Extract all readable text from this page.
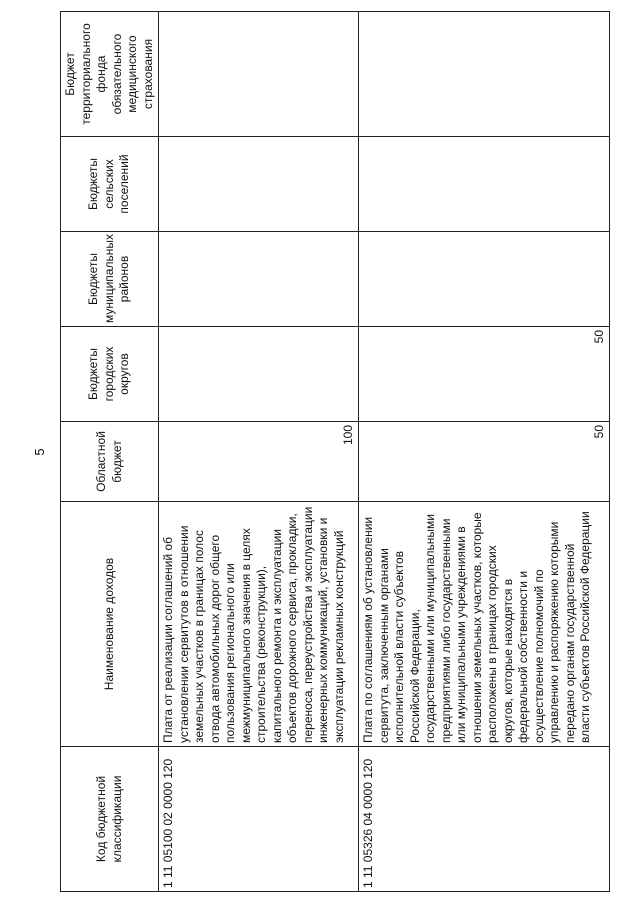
5
Код бюджетной классификации	Наименование доходов	Областной бюджет	Бюджеты городских округов	Бюджеты муниципальных районов	Бюджеты сельских поселений	Бюджет территориального фонда обязательного медицинского страхования
1 11 05100 02 0000 120	Плата от реализации соглашений об установлении сервитутов в отношении земельных участков в границах полос отвода автомобильных дорог общего пользования регионального или межмуниципального значения в целях строительства (реконструкции), капитального ремонта и эксплуатации объектов дорожного сервиса, прокладки, переноса, переустройства и эксплуатации инженерных коммуникаций, установки и эксплуатации рекламных конструкций	100				
1 11 05326 04 0000 120	Плата по соглашениям об установлении сервитута, заключенным органами исполнительной власти субъектов Российской Федерации, государственными или муниципальными предприятиями либо государственными или муниципальными учреждениями в отношении земельных участков, которые расположены в границах городских округов, которые находятся в федеральной собственности и осуществление полномочий по управлению и распоряжению которыми передано органам государственной власти субъектов Российской Федерации	50	50			
